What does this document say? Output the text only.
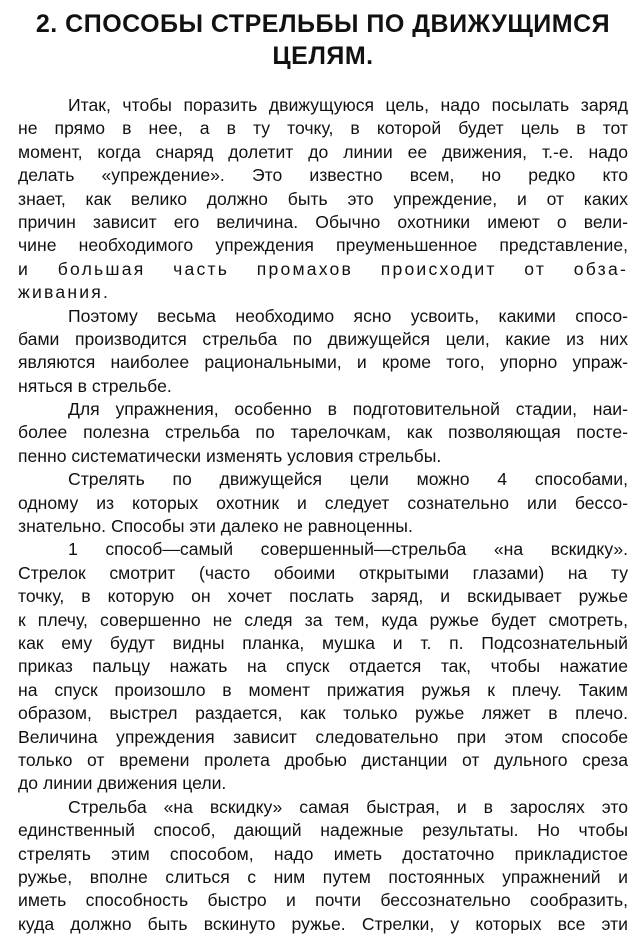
2. СПОСОБЫ СТРЕЛЬБЫ ПО ДВИЖУЩИМСЯ
ЦЕЛЯМ.

Итак, чтобы поразить движущуюся цель, надо посылать заряд
не прямо в нее, а в ту точку, в которой будет цель в тот
момент, когда снаряд долетит до линии ее движения, т.-е. надо
делать «упреждение». Это известно всем, но редко кто
знает, как велико должно быть это упреждение, и от каких
причин зависит его величина. Обычно охотники имеют о вели-
чине необходимого упреждения преуменьшенное представление,
и большая часть промахов происходит от обза-
живания.

Поэтому весьма необходимо ясно усвоить, какими спосо-
бами производится стрельба по движущейся цели, какие из них
являются наиболее рациональными, и кроме того, упорно упраж-
няться в стрельбе.

Для упражнения, особенно в подготовительной стадии, наи-
более полезна стрельба по тарелочкам, как позволяющая посте-
пенно систематически изменять условия стрельбы.

Стрелять по движущейся цели можно 4 способами,
одному из которых охотник и следует сознательно или бессо-
знательно. Способы эти далеко не равноценны.

1 способ—самый совершенный—стрельба «на вскидку».
Стрелок смотрит (часто обоими открытыми глазами) на ту
точку, в которую он хочет послать заряд, и вскидывает ружье
к плечу, совершенно не следя за тем, куда ружье будет смотреть,
как ему будут видны планка, мушка и т. п. Подсознательный
приказ пальцу нажать на спуск отдается так, чтобы нажатие
на спуск произошло в момент прижатия ружья к плечу. Таким
образом, выстрел раздается, как только ружье ляжет в плечо.
Величина упреждения зависит следовательно при этом способе
только от времени пролета дробью дистанции от дульного среза
до линии движения цели.

Стрельба «на вскидку» самая быстрая, и в зарослях это
единственный способ, дающий надежные результаты. Но чтобы
стрелять этим способом, надо иметь достаточно прикладистое
ружье, вполне слиться с ним путем постоянных упражнений и
иметь способность быстро и почти бессознательно сообразить,
куда должно быть вскинуто ружье. Стрелки, у которых все эти
